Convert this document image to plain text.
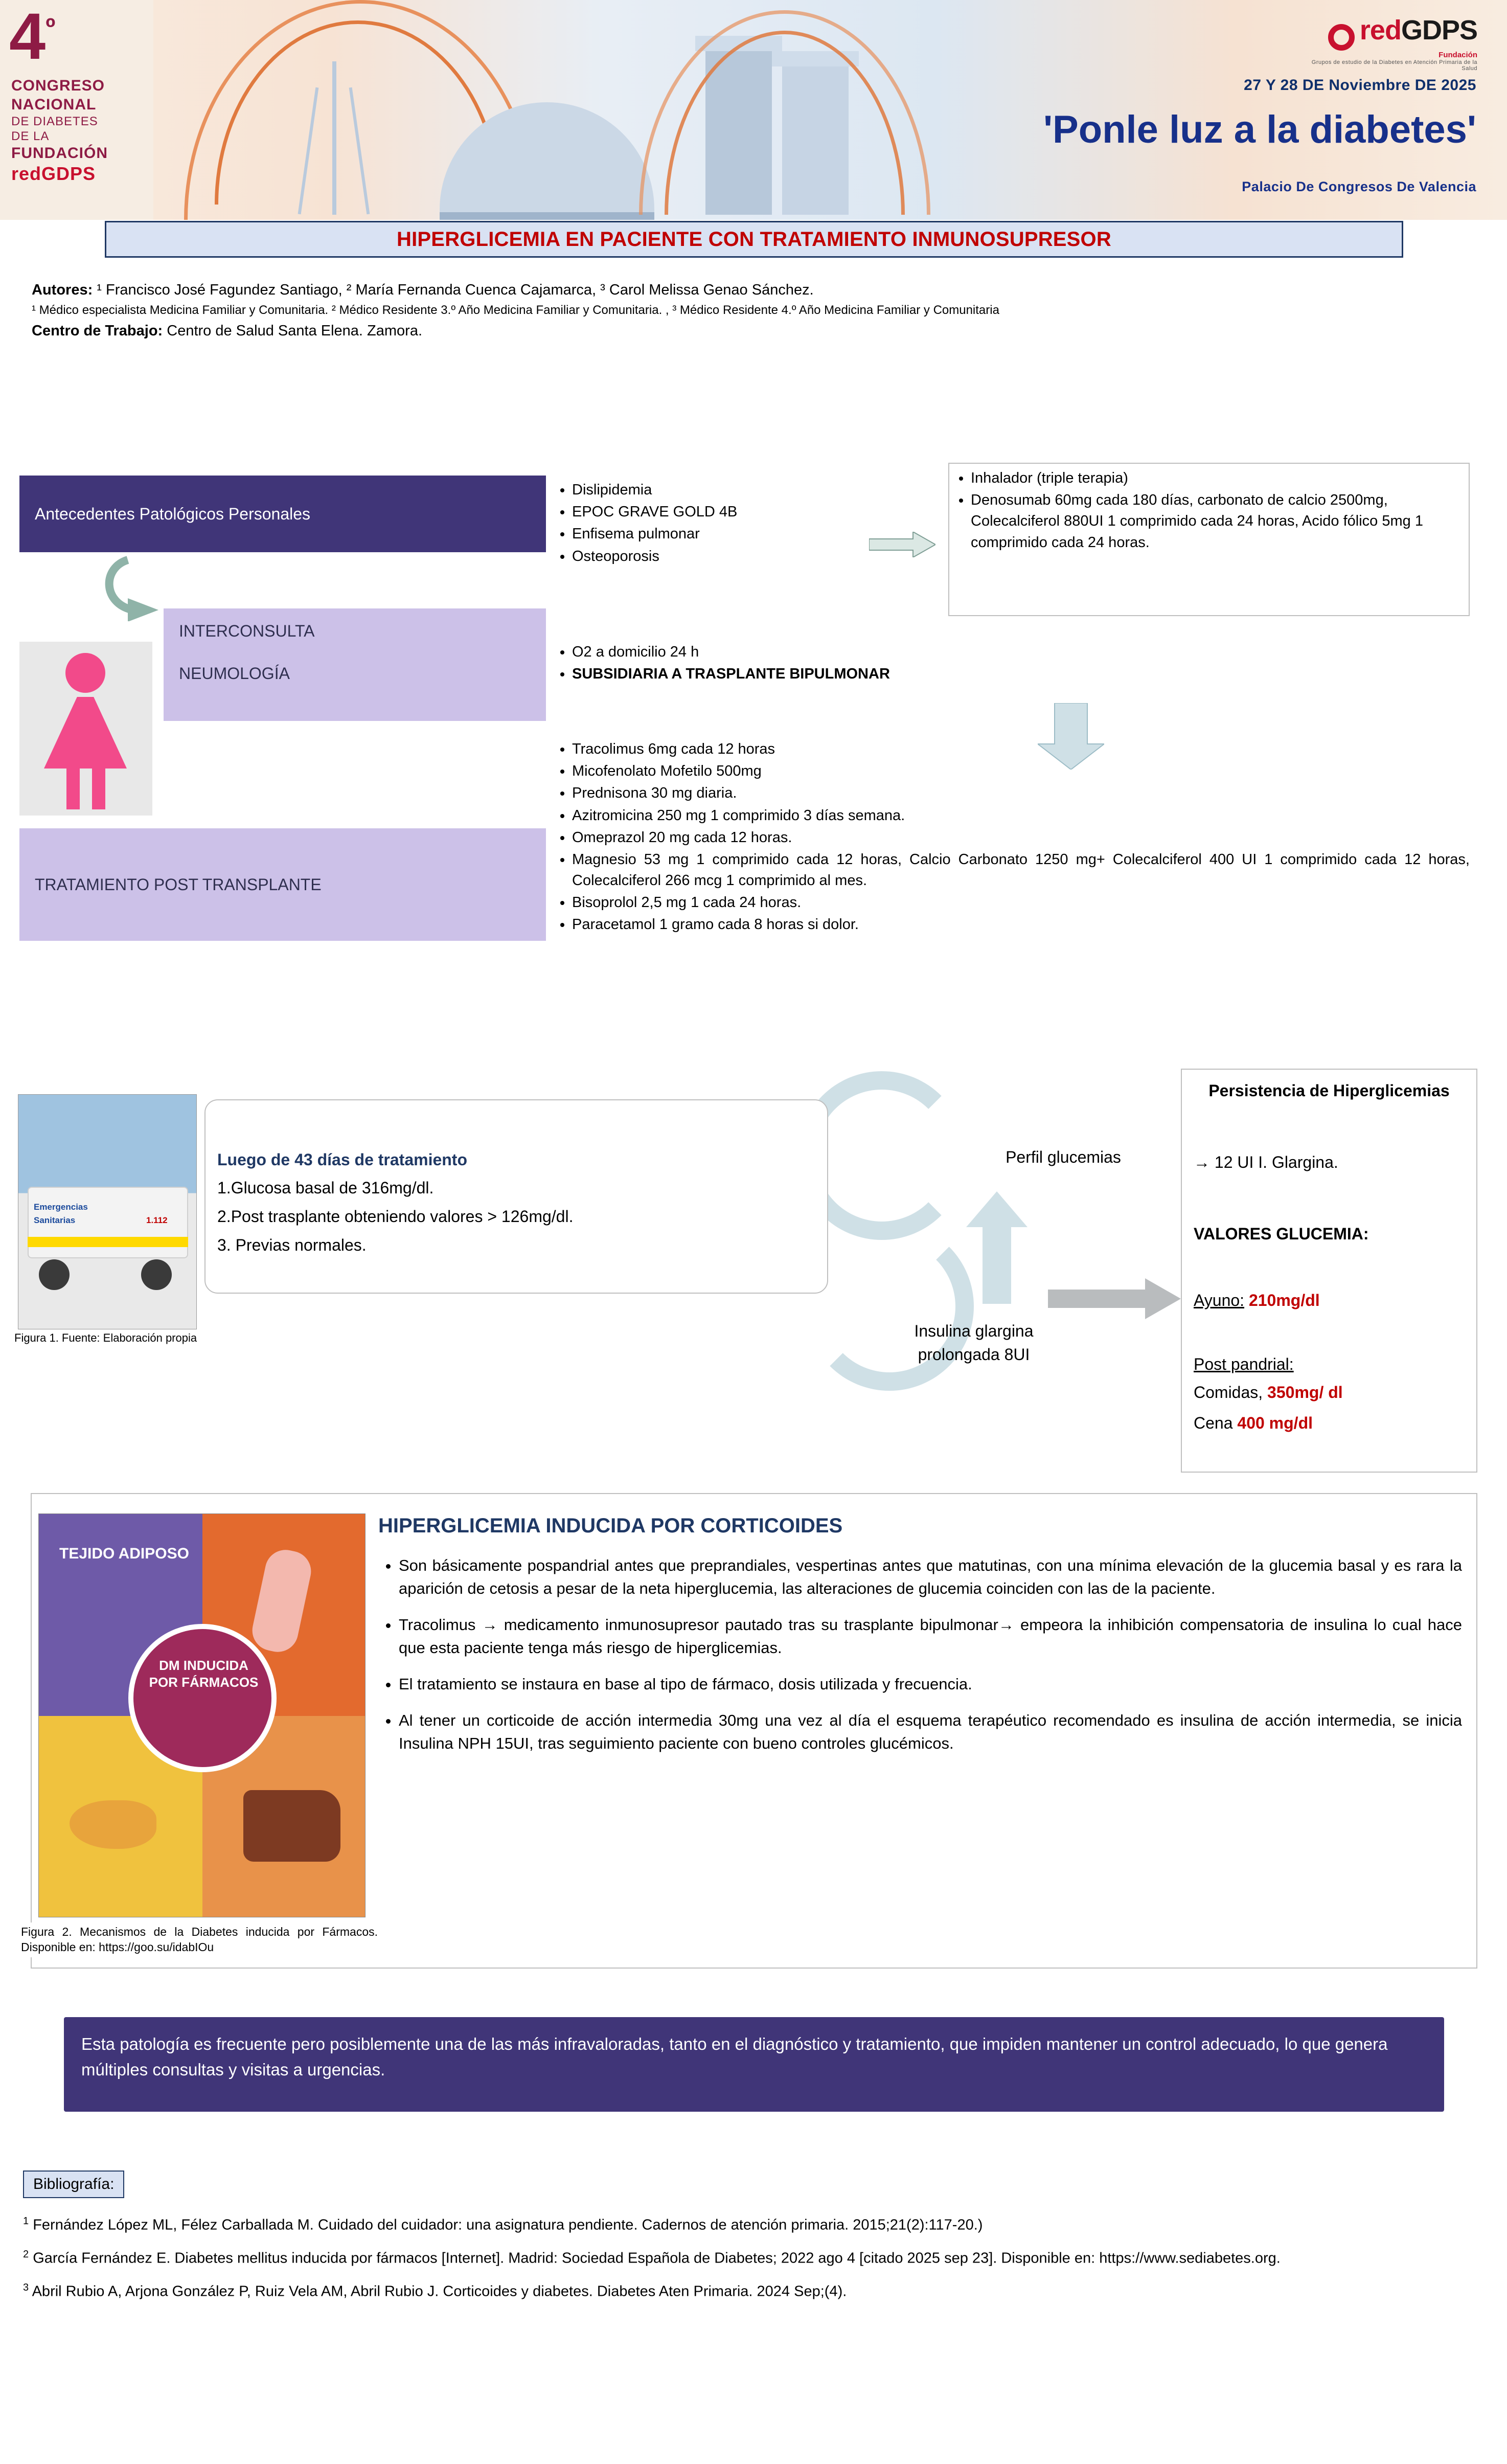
$4^º$
CONGRESO
NACIONAL
DE DIABETES
DE LA
FUNDACIÓN
redGDPS
redGDPS
Fundación
Grupos de estudio de la Diabetes en Atención Primaria de la Salud
27 Y 28 DE Noviembre DE 2025
'Ponle luz a la diabetes'
Palacio De Congresos De Valencia
HIPERGLICEMIA EN PACIENTE CON TRATAMIENTO INMUNOSUPRESOR
Autores: ¹ Francisco José Fagundez Santiago, ² María Fernanda Cuenca Cajamarca, ³ Carol Melissa Genao Sánchez.
¹ Médico especialista Medicina Familiar y Comunitaria. ² Médico Residente 3.º Año Medicina Familiar y Comunitaria. , ³ Médico Residente 4.º Año Medicina Familiar y Comunitaria
Centro de Trabajo: Centro de Salud Santa Elena. Zamora.
Antecedentes Patológicos Personales
• Dislipidemia
• EPOC GRAVE GOLD 4B
• Enfisema pulmonar
• Osteoporosis
• Inhalador (triple terapia)
• Denosumab 60mg cada 180 días, carbonato de calcio 2500mg, Colecalciferol 880UI 1 comprimido cada 24 horas, Acido fólico 5mg 1 comprimido cada 24 horas.
INTERCONSULTA
NEUMOLOGÍA
• O2 a domicilio 24 h
• SUBSIDIARIA A TRASPLANTE BIPULMONAR
TRATAMIENTO POST TRANSPLANTE
• Tracolimus 6mg cada 12 horas
• Micofenolato Mofetilo 500mg
• Prednisona 30 mg diaria.
• Azitromicina 250 mg 1 comprimido 3 días semana.
• Omeprazol 20 mg cada 12 horas.
• Magnesio 53 mg 1 comprimido cada 12 horas, Calcio Carbonato 1250 mg+ Colecalciferol 400 UI 1 comprimido cada 12 horas, Colecalciferol 266 mcg 1 comprimido al mes.
• Bisoprolol 2,5 mg 1 cada 24 horas.
• Paracetamol 1 gramo cada 8 horas si dolor.
Emergencias
Sanitarias	1.112
Figura 1. Fuente: Elaboración propia
Luego de 43 días de tratamiento
1.Glucosa basal de 316mg/dl.
2.Post trasplante obteniendo valores > 126mg/dl.
3. Previas normales.
Perfil glucemias
Insulina glargina prolongada 8UI
Persistencia de Hiperglicemias
→ 12 UI I. Glargina.
VALORES GLUCEMIA:
Ayuno: 210mg/dl
Post pandrial:
Comidas, 350mg/ dl
Cena 400 mg/dl
TEJIDO ADIPOSO
DM INDUCIDA POR FÁRMACOS
Figura 2. Mecanismos de la Diabetes inducida por Fármacos. Disponible en: https://goo.su/idabIOu
HIPERGLICEMIA INDUCIDA POR CORTICOIDES
• Son básicamente pospandrial antes que preprandiales, vespertinas antes que matutinas, con una mínima elevación de la glucemia basal y es rara la aparición de cetosis a pesar de la neta hiperglucemia, las alteraciones de glucemia coinciden con las de la paciente.
• Tracolimus → medicamento inmunosupresor pautado tras su trasplante bipulmonar→ empeora la inhibición compensatoria de insulina lo cual hace que esta paciente tenga más riesgo de hiperglicemias.
• El tratamiento se instaura en base al tipo de fármaco, dosis utilizada y frecuencia.
• Al tener un corticoide de acción intermedia 30mg una vez al día el esquema terapéutico recomendado es insulina de acción intermedia, se inicia Insulina NPH 15UI, tras seguimiento paciente con bueno controles glucémicos.
Esta patología es frecuente pero posiblemente una de las más infravaloradas, tanto en el diagnóstico y tratamiento, que impiden mantener un control adecuado, lo que genera múltiples consultas y visitas a urgencias.
Bibliografía:

$^1$ Fernández López ML, Félez Carballada M. Cuidado del cuidador: una asignatura pendiente. Cadernos de atención primaria. 2015;21(2):117-20.)

$^2$ García Fernández E. Diabetes mellitus inducida por fármacos [Internet]. Madrid: Sociedad Española de Diabetes; 2022 ago 4 [citado 2025 sep 23]. Disponible en: https://www.sediabetes.org.

$^3$ Abril Rubio A, Arjona González P, Ruiz Vela AM, Abril Rubio J. Corticoides y diabetes. Diabetes Aten Primaria. 2024 Sep;(4).
